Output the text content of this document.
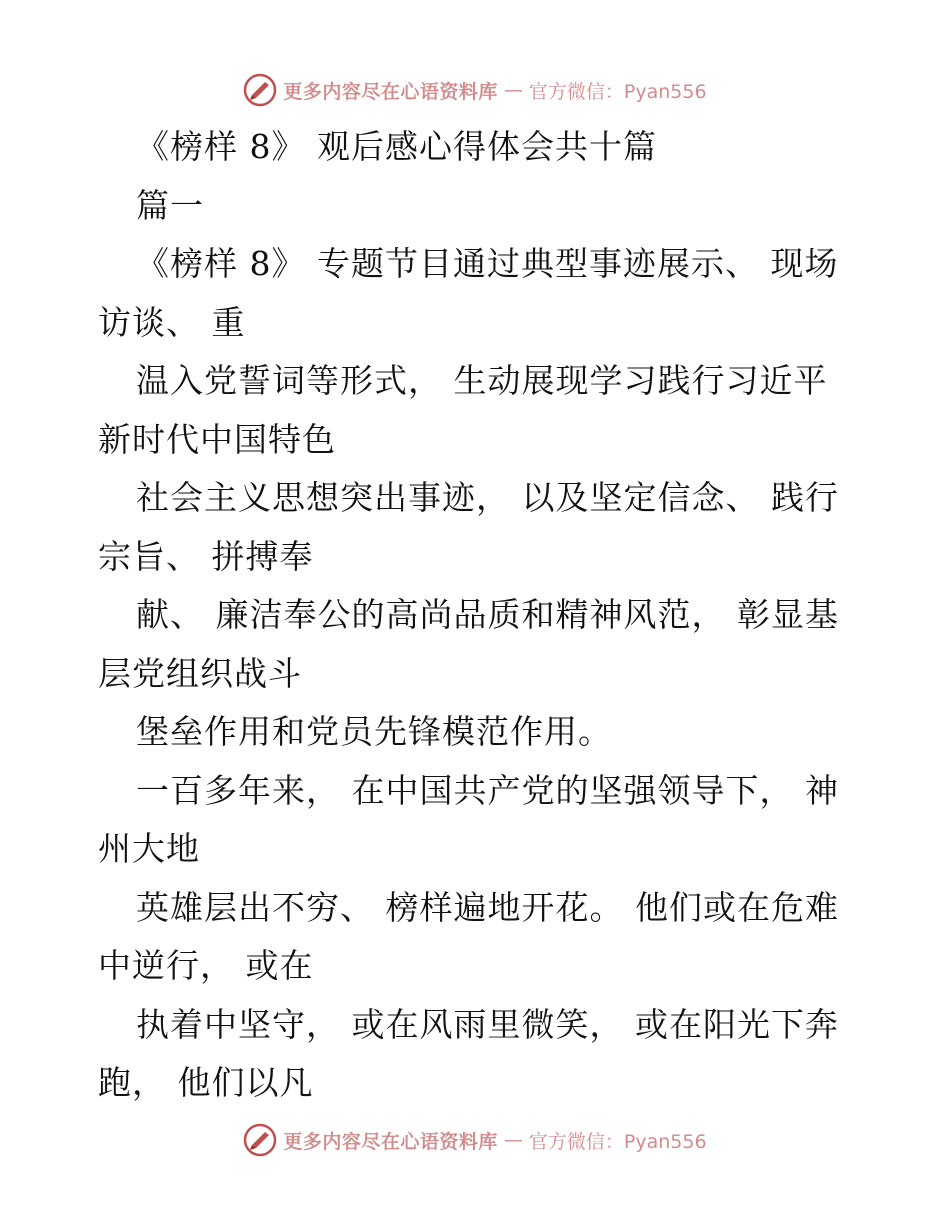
更多内容尽在心语资料库 — 官方微信：Pyan556
《榜样 8》 观后感心得体会共十篇
篇一
《榜样 8》 专题节目通过典型事迹展示、 现场
访谈、 重
温入党誓词等形式， 生动展现学习践行习近平
新时代中国特色
社会主义思想突出事迹， 以及坚定信念、 践行
宗旨、 拼搏奉
献、 廉洁奉公的高尚品质和精神风范， 彰显基
层党组织战斗
堡垒作用和党员先锋模范作用。
一百多年来， 在中国共产党的坚强领导下， 神
州大地
英雄层出不穷、 榜样遍地开花。 他们或在危难
中逆行， 或在
执着中坚守， 或在风雨里微笑， 或在阳光下奔
跑， 他们以凡
更多内容尽在心语资料库 — 官方微信：Pyan556
